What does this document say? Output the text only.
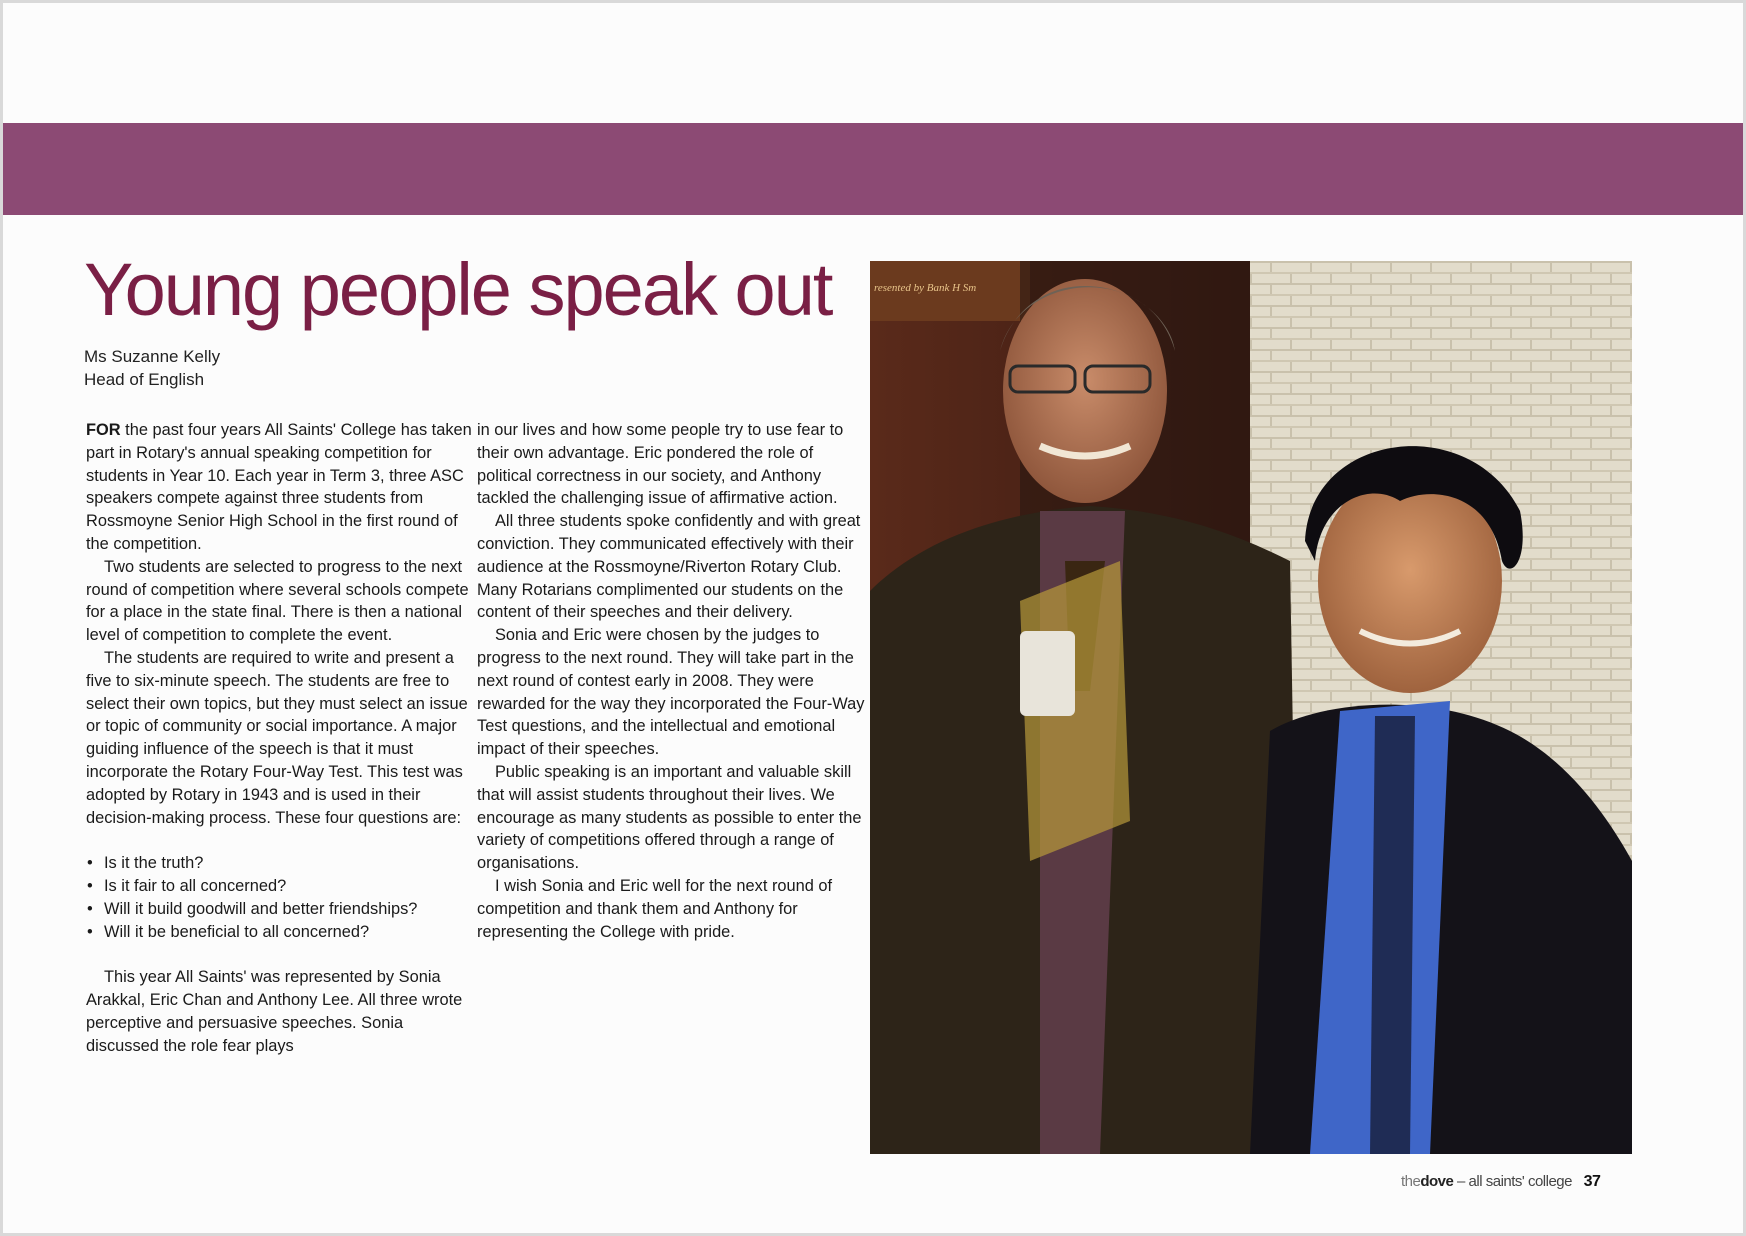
Young people speak out
Ms Suzanne Kelly
Head of English

FOR the past four years All Saints' College has taken part in Rotary's annual speaking competition for students in Year 10. Each year in Term 3, three ASC speakers compete against three students from Rossmoyne Senior High School in the first round of the competition.

Two students are selected to progress to the next round of competition where several schools compete for a place in the state final. There is then a national level of competition to complete the event.

The students are required to write and present a five to six-minute speech. The students are free to select their own topics, but they must select an issue or topic of community or social importance. A major guiding influence of the speech is that it must incorporate the Rotary Four-Way Test. This test was adopted by Rotary in 1943 and is used in their decision-making process. These four questions are:

• Is it the truth?
• Is it fair to all concerned?
• Will it build goodwill and better friendships?
• Will it be beneficial to all concerned?

This year All Saints' was represented by Sonia Arakkal, Eric Chan and Anthony Lee. All three wrote perceptive and persuasive speeches. Sonia discussed the role fear plays

in our lives and how some people try to use fear to their own advantage. Eric pondered the role of political correctness in our society, and Anthony tackled the challenging issue of affirmative action.

All three students spoke confidently and with great conviction. They communicated effectively with their audience at the Rossmoyne/Riverton Rotary Club. Many Rotarians complimented our students on the content of their speeches and their delivery.

Sonia and Eric were chosen by the judges to progress to the next round. They will take part in the next round of contest early in 2008. They were rewarded for the way they incorporated the Four-Way Test questions, and the intellectual and emotional impact of their speeches.

Public speaking is an important and valuable skill that will assist students throughout their lives. We encourage as many students as possible to enter the variety of competitions offered through a range of organisations.

I wish Sonia and Eric well for the next round of competition and thank them and Anthony for representing the College with pride.

resented by Bank H Sm
thedove – all saints' college 37
